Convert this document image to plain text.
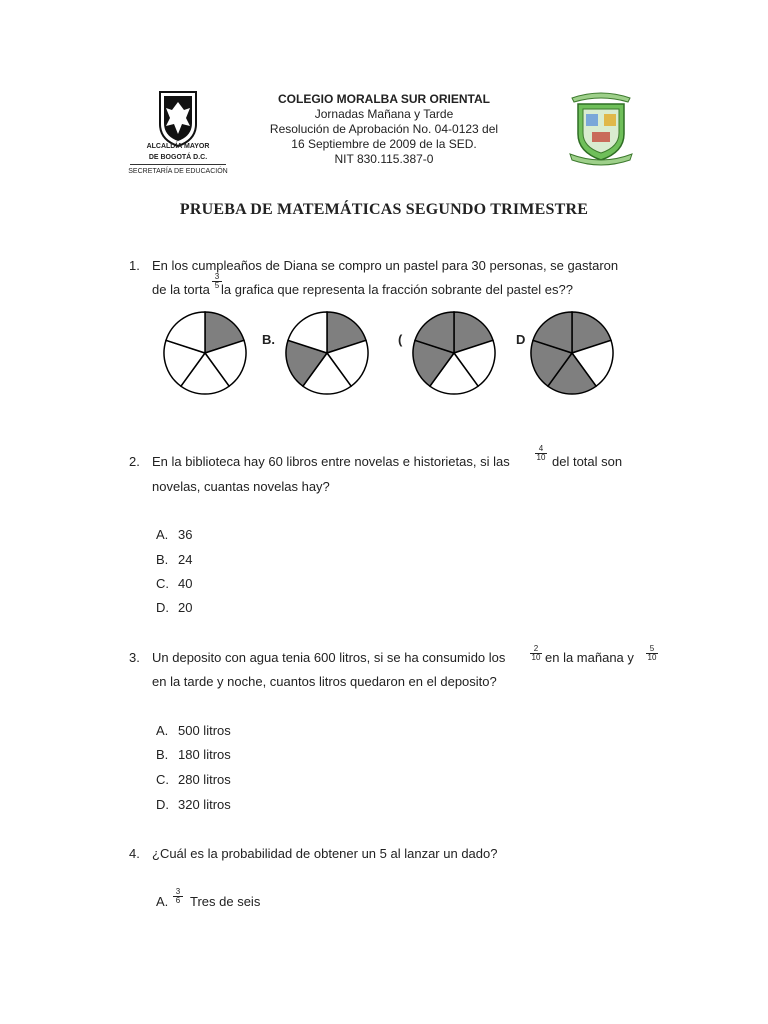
ALCALDÍA MAYOR
DE BOGOTÁ D.C.
SECRETARÍA DE EDUCACIÓN
COLEGIO MORALBA SUR ORIENTAL
Jornadas Mañana y Tarde
Resolución de Aprobación No. 04-0123 del
16 Septiembre de 2009 de la SED.
NIT 830.115.387-0
PRUEBA DE MATEMÁTICAS SEGUNDO TRIMESTRE
1. En los cumpleaños de Diana se compro un pastel para 30 personas, se gastaron
de la torta
3
5 la grafica que representa la fracción sobrante del pastel es??
B.	(	D
2. En la biblioteca hay 60 libros entre novelas e historietas, si las
4
10 del total son
novelas, cuantas novelas hay?
A. 36
B. 24
C. 40
D. 20
3. Un deposito con agua tenia 600 litros, si se ha consumido los
2
10 en la mañana y
5
10
en la tarde y noche, cuantos litros quedaron en el deposito?
A. 500 litros
B. 180 litros
C. 280 litros
D. 320 litros
4. ¿Cuál es la probabilidad de obtener un 5 al lanzar un dado?
A.
3
6 Tres de seis
